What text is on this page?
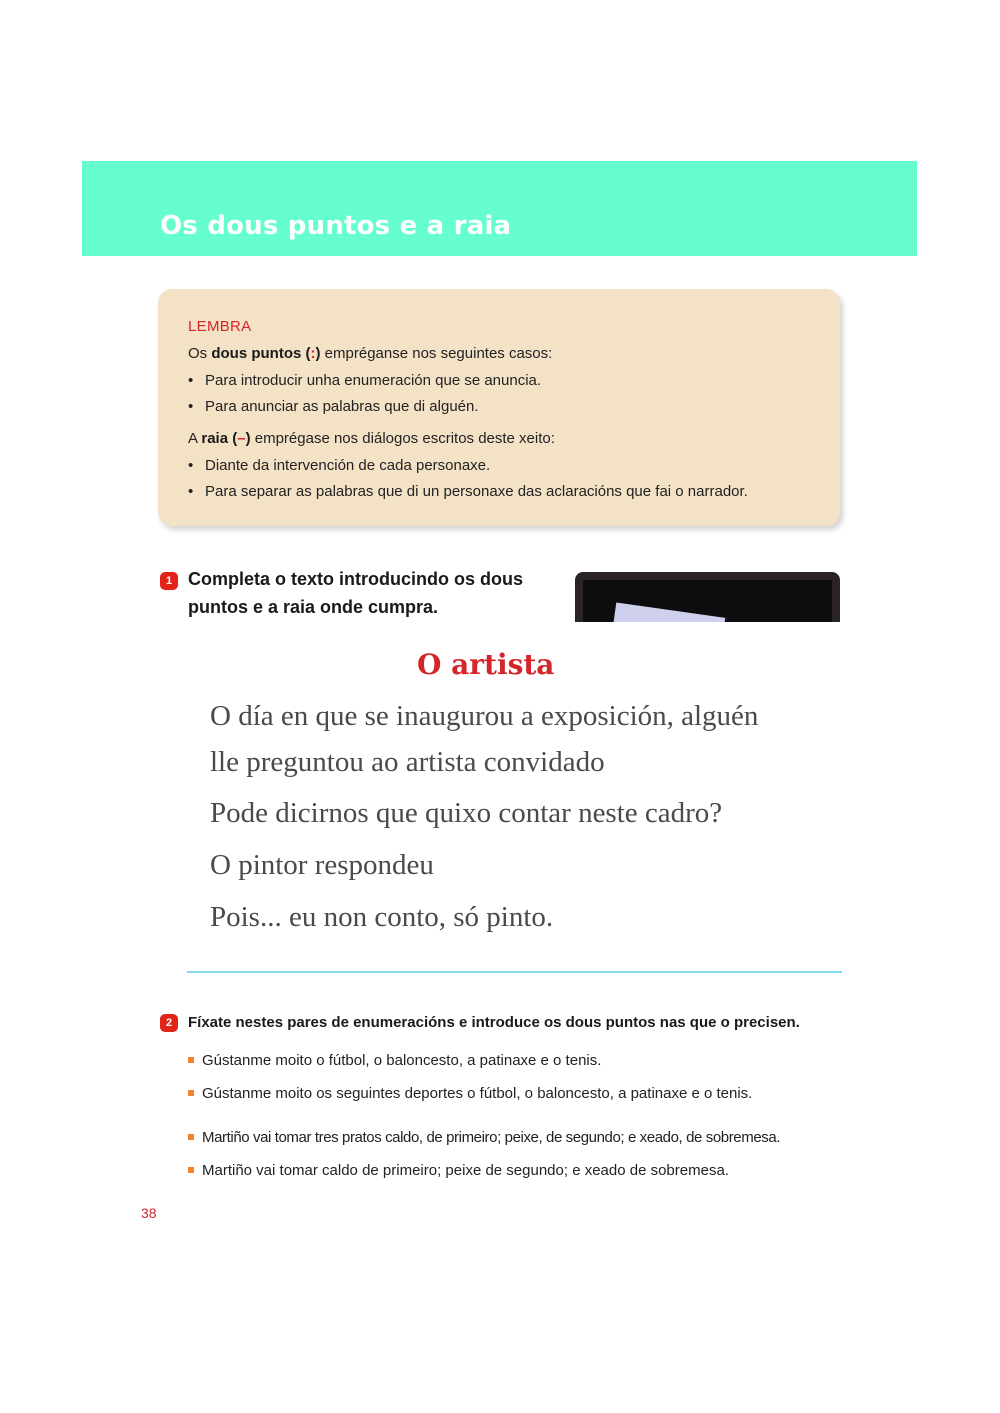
Os dous puntos e a raia
LEMBRA
Os dous puntos (:) empréganse nos seguintes casos:
• Para introducir unha enumeración que se anuncia.
• Para anunciar as palabras que di alguén.
A raia (–) emprégase nos diálogos escritos deste xeito:
• Diante da intervención de cada personaxe.
• Para separar as palabras que di un personaxe das aclaracións que fai o narrador.
1 Completa o texto introducindo os dous puntos e a raia onde cumpra.
O artista
O día en que se inaugurou a exposición, alguén
lle preguntou ao artista convidado
Pode dicirnos que quixo contar neste cadro?
O pintor respondeu
Pois... eu non conto, só pinto.
2	Fíxate nestes pares de enumeracións e introduce os dous puntos nas que o precisen.
Gústanme moito o fútbol, o baloncesto, a patinaxe e o tenis.
Gústanme moito os seguintes deportes o fútbol, o baloncesto, a patinaxe e o tenis.
Martiño vai tomar tres pratos caldo, de primeiro; peixe, de segundo; e xeado, de sobremesa.
Martiño vai tomar caldo de primeiro; peixe de segundo; e xeado de sobremesa.
38
